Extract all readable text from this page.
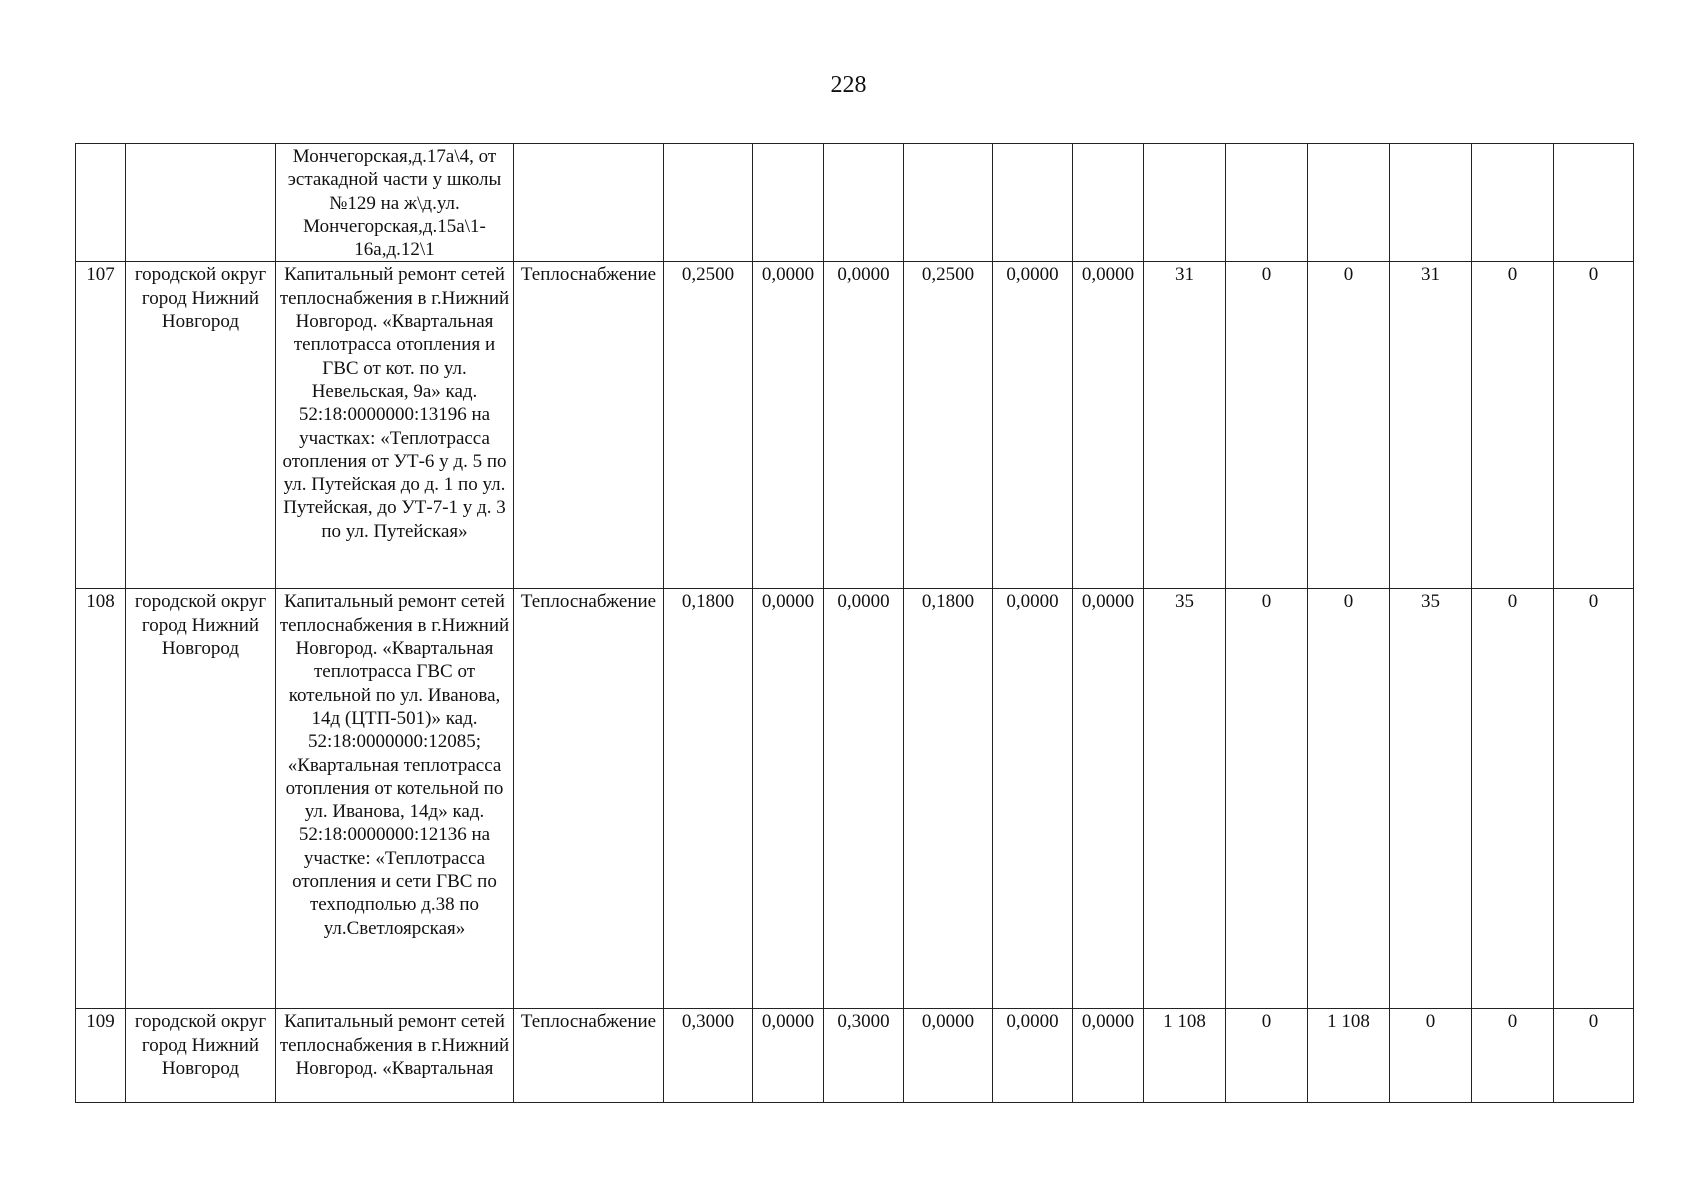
228
		Мончегорская,д.17а\4, от эстакадной части у школы №129 на ж\д.ул. Мончегорская,д.15а\1-16а,д.12\1													
107	городской округ город Нижний Новгород	Капитальный ремонт сетей теплоснабжения в г.Нижний Новгород. «Квартальная теплотрасса отопления и ГВС от кот. по ул. Невельская, 9а» кад. 52:18:0000000:13196 на участках: «Теплотрасса отопления от УТ-6 у д. 5 по ул. Путейская до д. 1 по ул. Путейская, до УТ-7-1 у д. 3 по ул. Путейская»	Теплоснабжение	0,2500	0,0000	0,0000	0,2500	0,0000	0,0000	31	0	0	31	0	0
108	городской округ город Нижний Новгород	Капитальный ремонт сетей теплоснабжения в г.Нижний Новгород. «Квартальная теплотрасса ГВС от котельной по ул. Иванова, 14д (ЦТП-501)» кад. 52:18:0000000:12085; «Квартальная теплотрасса отопления от котельной по ул. Иванова, 14д» кад. 52:18:0000000:12136 на участке: «Теплотрасса отопления и сети ГВС по техподполью д.38 по ул.Светлоярская»	Теплоснабжение	0,1800	0,0000	0,0000	0,1800	0,0000	0,0000	35	0	0	35	0	0
109	городской округ город Нижний Новгород	Капитальный ремонт сетей теплоснабжения в г.Нижний Новгород. «Квартальная	Теплоснабжение	0,3000	0,0000	0,3000	0,0000	0,0000	0,0000	1 108	0	1 108	0	0	0
